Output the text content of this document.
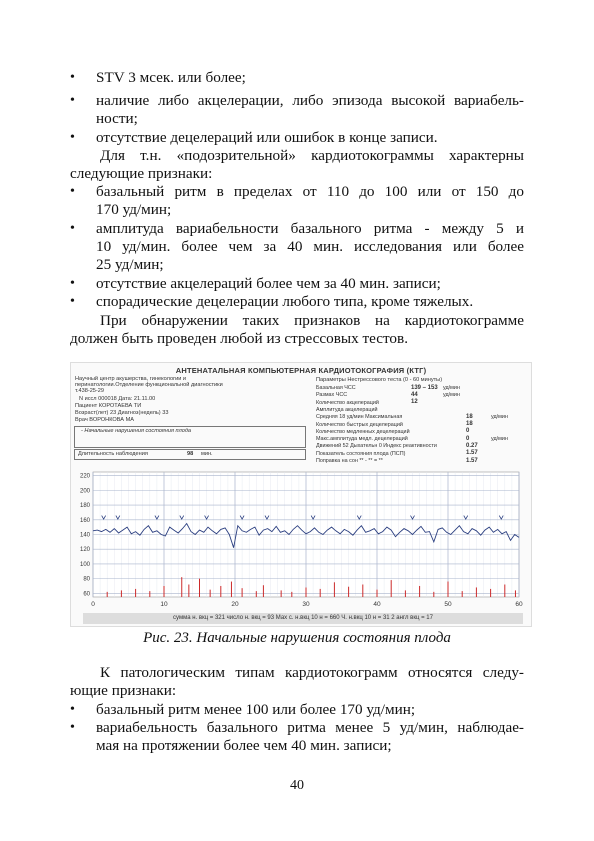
• STV 3 мсек. или более;
• наличие либо акцелерации, либо эпизода высокой вариабель-
ности;
• отсутствие децелераций или ошибок в конце записи.
Для т.н. «подозрительной» кардиотокограммы характерны
следующие признаки:
• базальный ритм в пределах от 110 до 100 или от 150 до
170 уд/мин;
• амплитуда вариабельности базального ритма - между 5 и
10 уд/мин. более чем за 40 мин. исследования или более
25 уд/мин;
• отсутствие акцелераций более чем за 40 мин. записи;
• спорадические децелерации любого типа, кроме тяжелых.
При обнаружении таких признаков на кардиотокограмме
должен быть проведен любой из стрессовых тестов.
АНТЕНАТАЛЬНАЯ КОМПЬЮТЕРНАЯ КАРДИОТОКОГРАФИЯ (КТГ)
Научный центр акушерства, гинекологии и
перинатологии.Отделение функциональной диагностики
т.438-25-29
N иссл 000018 Дата: 21.11.00
Пациент КОРОТАЕВА ТИ
Возраст(лет) 23 Диагноз(недель) 33
Врач ВОРОНКОВА МА
- Начальные нарушения состояния плода
Длительность наблюдения	98 мин.
Параметры Нестрессового теста (0 - 60 минуты)
Базальная ЧСС	139 – 153 уд/мин
Размах ЧСС	44	уд/мин
Количество акцелераций	12
Амплитуда акцелераций
Средняя 18 уд/мин Максимальная	18	уд/мин
Количество быстрых децелераций	18
Количество медленных децелераций	0
Макс.амплитуда медл. децелераций	0	уд/мин
Движений 52 Дыхательн 0 Индекс реактивности	0.27
Показатель состояния плода (ПСП)	1.57
Поправка на сон ** - ** = **	1.57
220
200
180
160
140
120
100
80
60
0	10	20	30	40	50	60
сумма н. вкц = 321 число н. вкц = 93 Мах с. н.вкц 10 н = 660 Ч. н.вкц 10 н = 31 2 англ вкц = 17
Рис. 23. Начальные нарушения состояния плода
К патологическим типам кардиотокограмм относятся следу-
ющие признаки:
• базальный ритм менее 100 или более 170 уд/мин;
• вариабельность базального ритма менее 5 уд/мин, наблюдае-
мая на протяжении более чем 40 мин. записи;
40
